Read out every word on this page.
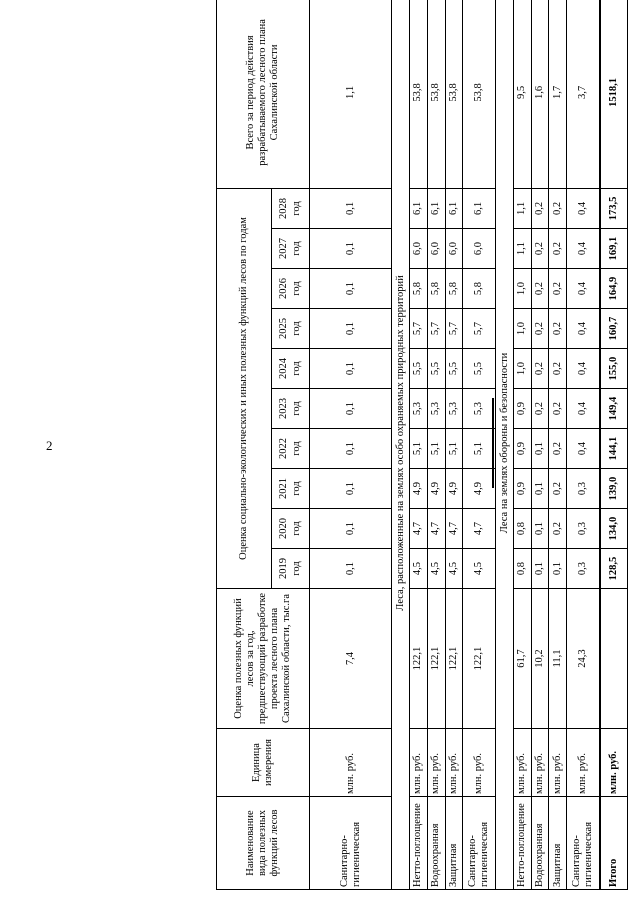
2
Наименование вида полезных функций лесов	Единица измерения	Оценка полезных функций лесов за год, предшествующий разработке проекта лесного плана Сахалинской области, тыс.га	Оценка социально-экологических и иных полезных функций лесов по годам										Всего за период действия разрабатываемого лесного плана Сахалинской области
			2019 год	2020 год	2021 год	2022 год	2023 год	2024 год	2025 год	2026 год	2027 год	2028 год	
Санитарно-гигиеническая	млн. руб.	7,4	0,1	0,1	0,1	0,1	0,1	0,1	0,1	0,1	0,1	0,1	1,1
Леса, расположенные на землях особо охраняемых природных территорий													
Нетто-поглощение	млн. руб.	122,1	4,5	4,7	4,9	5,1	5,3	5,5	5,7	5,8	6,0	6,1	53,8
Водоохранная	млн. руб.	122,1	4,5	4,7	4,9	5,1	5,3	5,5	5,7	5,8	6,0	6,1	53,8
Защитная	млн. руб.	122,1	4,5	4,7	4,9	5,1	5,3	5,5	5,7	5,8	6,0	6,1	53,8
Санитарно-гигиеническая	млн. руб.	122,1	4,5	4,7	4,9	5,1	5,3	5,5	5,7	5,8	6,0	6,1	53,8
Леса на землях обороны и безопасности													
Нетто-поглощение	млн. руб.	61,7	0,8	0,8	0,9	0,9	0,9	1,0	1,0	1,0	1,1	1,1	9,5
Водоохранная	млн. руб.	10,2	0,1	0,1	0,1	0,1	0,2	0,2	0,2	0,2	0,2	0,2	1,6
Защитная	млн. руб.	11,1	0,1	0,2	0,2	0,2	0,2	0,2	0,2	0,2	0,2	0,2	1,7
Санитарно-гигиеническая	млн. руб.	24,3	0,3	0,3	0,3	0,4	0,4	0,4	0,4	0,4	0,4	0,4	3,7
Итого	млн. руб.		128,5	134,0	139,0	144,1	149,4	155,0	160,7	164,9	169,1	173,5	1518,1
